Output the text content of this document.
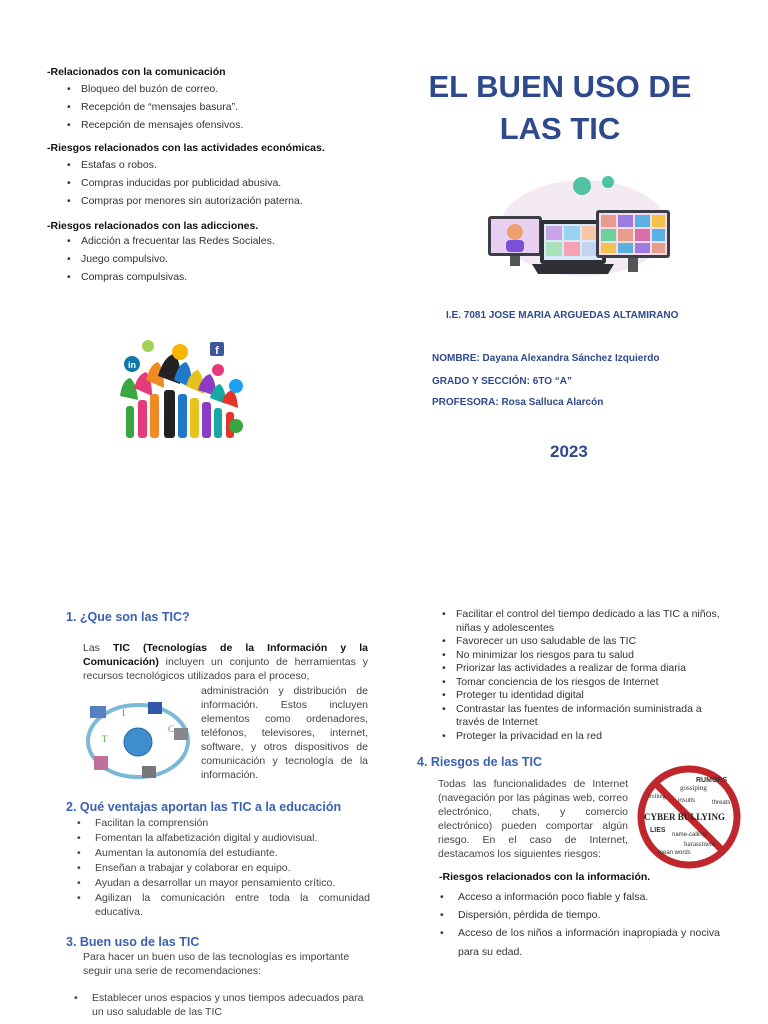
-Relacionados con la comunicación
• Bloqueo del buzón de correo.
• Recepción de “mensajes basura”.
• Recepción de mensajes ofensivos.
-Riesgos relacionados con las actividades económicas.
• Estafas o robos.
• Compras inducidas por publicidad abusiva.
• Compras por menores sin autorización paterna.
-Riesgos relacionados con las adicciones.
• Adicción a frecuentar las Redes Sociales.
• Juego compulsivo.
• Compras compulsivas.
in
f
EL BUEN USO DE
LAS TIC
I.E. 7081 JOSE MARIA ARGUEDAS ALTAMIRANO
NOMBRE: Dayana Alexandra Sánchez Izquierdo
GRADO Y SECCIÓN: 6TO “A”
PROFESORA: Rosa Salluca Alarcón
2023
1. ¿Que son las TIC?
Las TIC (Tecnologías de la Información y la Comunicación) incluyen un conjunto de herramientas y recursos tecnológicos utilizados para el proceso,
I
T
C
administración y distribución de información. Estos incluyen elementos como ordenadores, teléfonos, televisores, internet, software, y otros dispositivos de comunicación y tecnología de la información.
2. Qué ventajas aportan las TIC a la educación
• Facilitan la comprensión
• Fomentan la alfabetización digital y audiovisual.
• Aumentan la autonomía del estudiante.
• Enseñan a trabajar y colaborar en equipo.
• Ayudan a desarrollar un mayor pensamiento crítico.
• Agilizan la comunicación entre toda la comunidad educativa.
3. Buen uso de las TIC
Para hacer un buen uso de las tecnologías es importante seguir una serie de recomendaciones:
• Establecer unos espacios y unos tiempos adecuados para un uso saludable de las TIC
• Facilitar el control del tiempo dedicado a las TIC a niños, niñas y adolescentes
• Favorecer un uso saludable de las TIC
• No minimizar los riesgos para tu salud
• Priorizar las actividades a realizar de forma diaria
• Tomar conciencia de los riesgos de Internet
• Proteger tu identidad digital
• Contrastar las fuentes de información suministrada a través de Internet
• Proteger la privacidad en la red
4. Riesgos de las TIC
Todas las funcionalidades de Internet (navegación por las páginas web, correo electrónico, chats, y comercio electrónico) pueden comportar algún riesgo. En el caso de Internet, destacamos los siguientes riesgos:
RUMORS
gossiping
trolling
insults	threats
CYBER BULLYING
LIES
name-calling
harassment
mean words
-Riesgos relacionados con la información.
• Acceso a información poco fiable y falsa.
• Dispersión, pérdida de tiempo.
• Acceso de los niños a información inapropiada y nociva para su edad.
